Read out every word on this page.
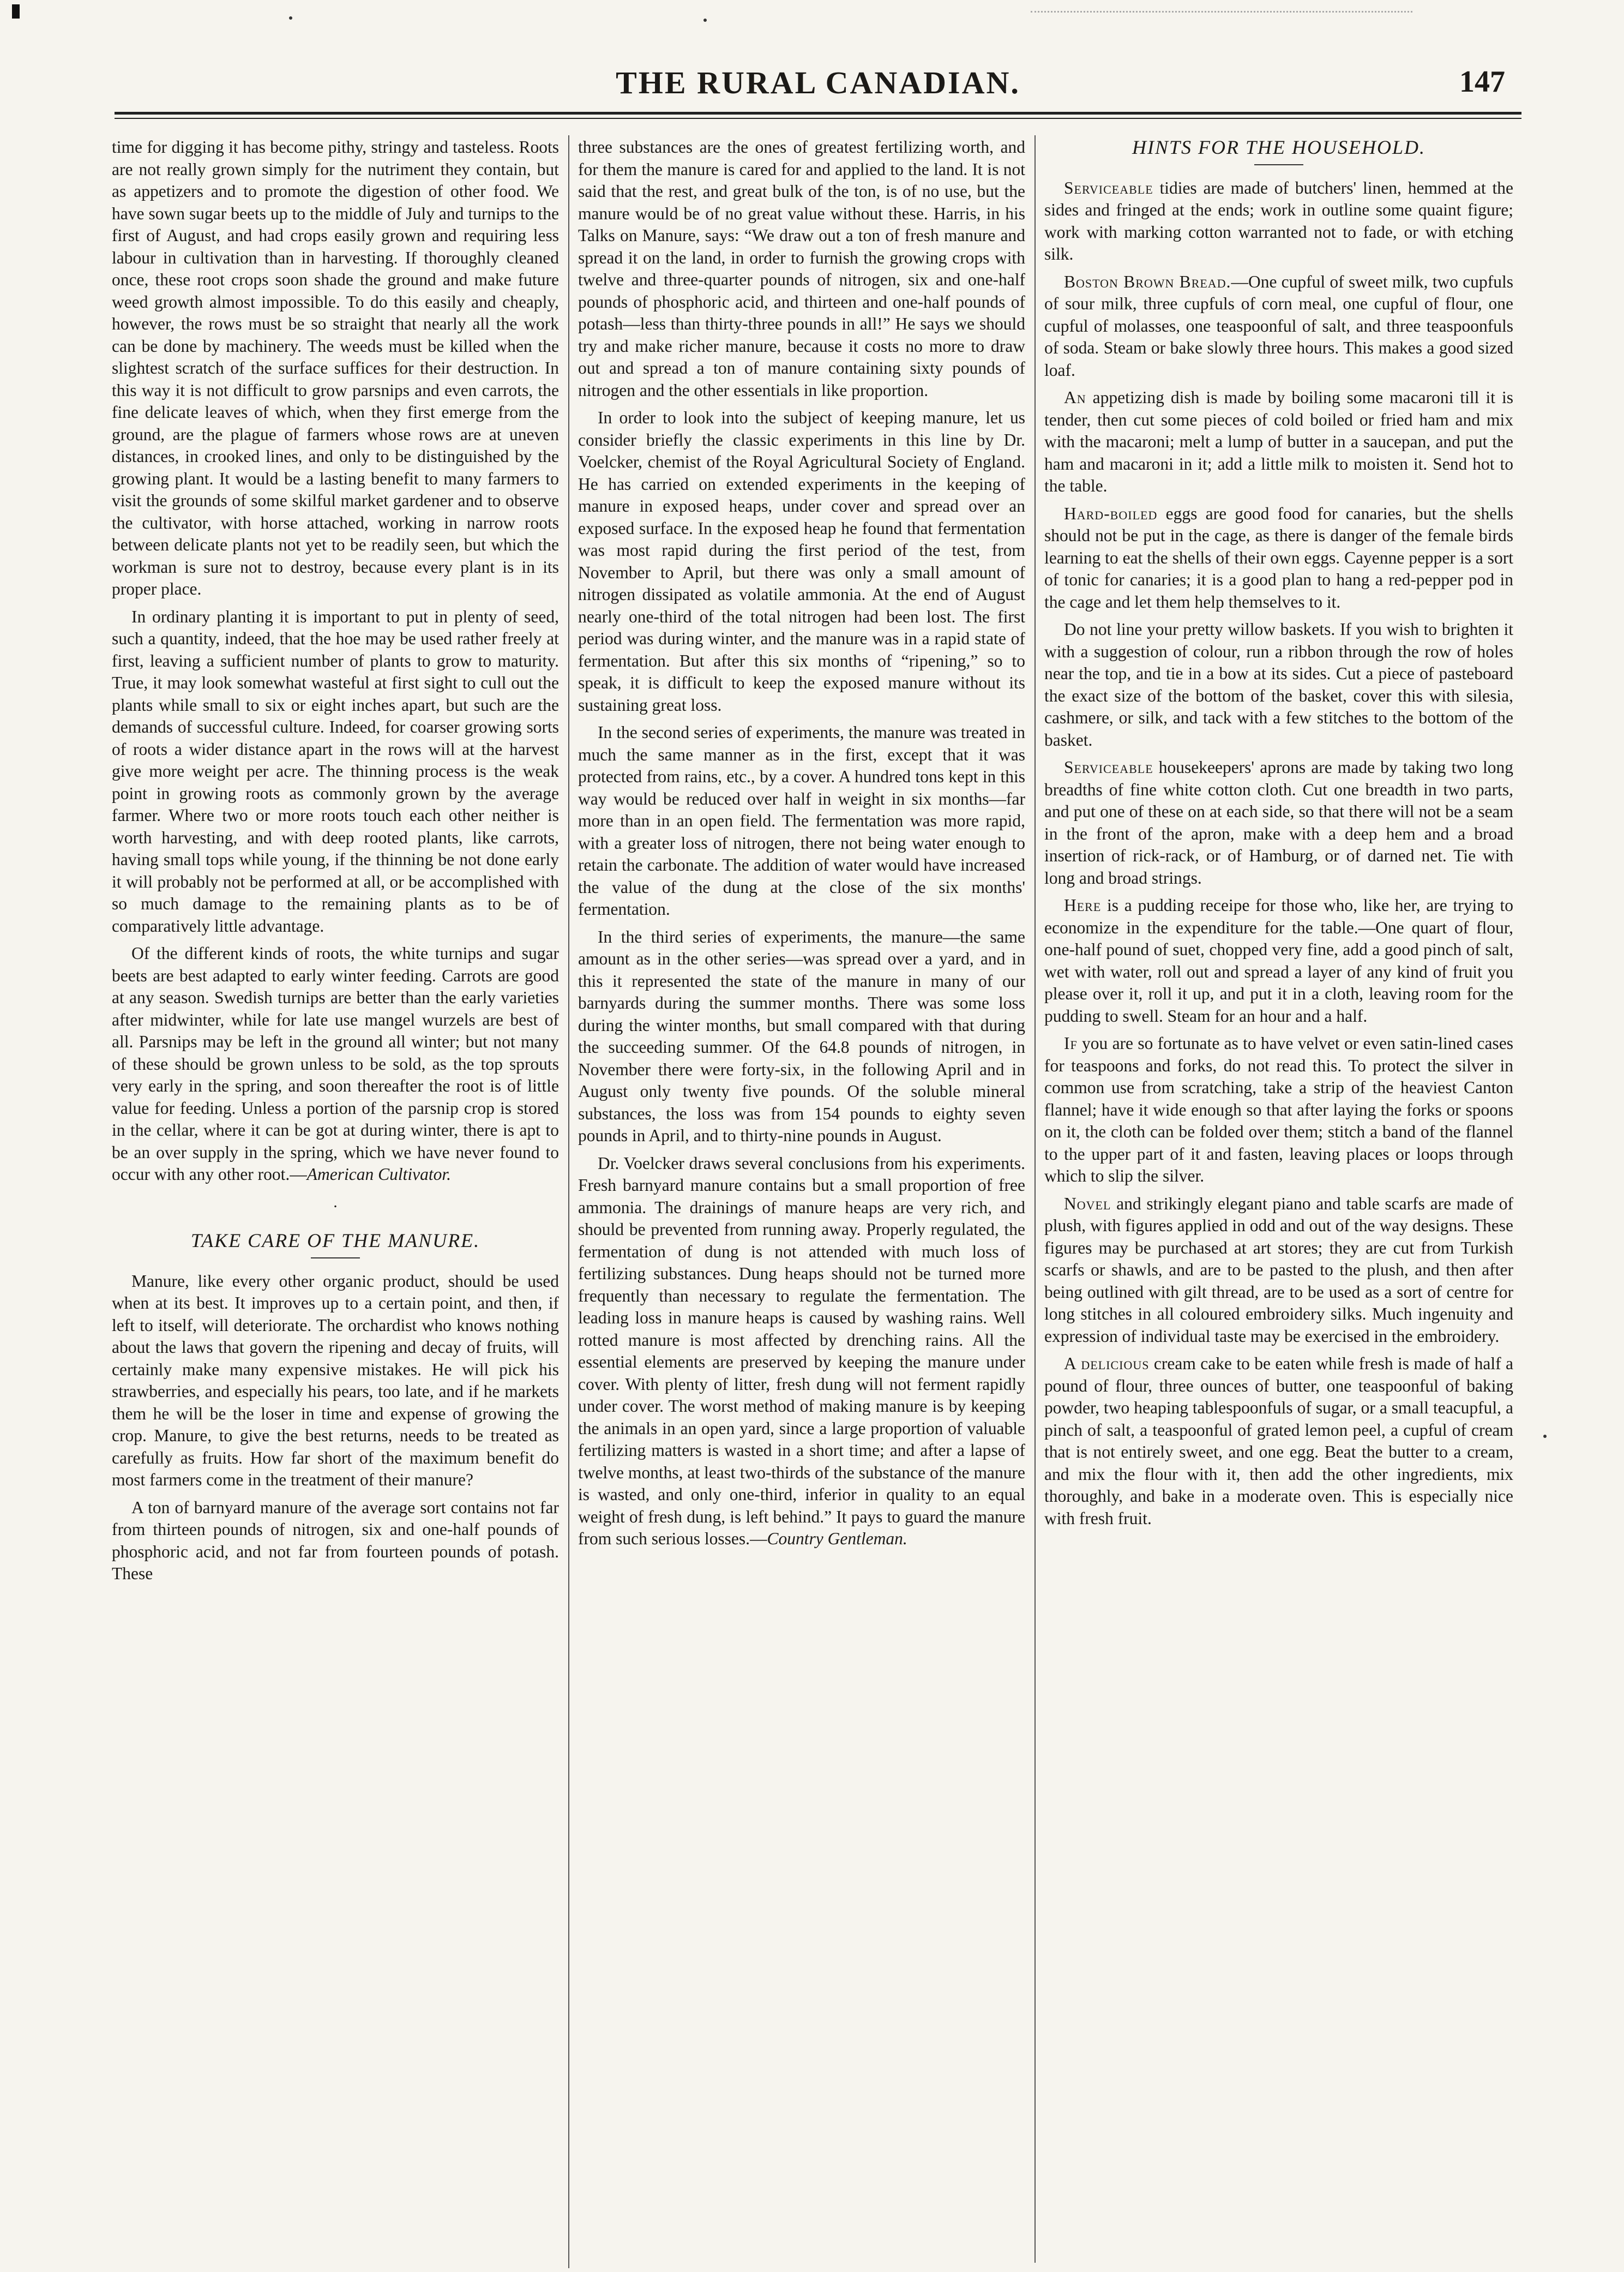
THE RURAL CANADIAN.	147

time for digging it has become pithy, stringy and tasteless. Roots are not really grown simply for the nutriment they contain, but as appetizers and to promote the digestion of other food. We have sown sugar beets up to the middle of July and turnips to the first of August, and had crops easily grown and requiring less labour in cultivation than in harvesting. If thoroughly cleaned once, these root crops soon shade the ground and make future weed growth almost impossible. To do this easily and cheaply, however, the rows must be so straight that nearly all the work can be done by machinery. The weeds must be killed when the slightest scratch of the surface suffices for their destruction. In this way it is not difficult to grow parsnips and even carrots, the fine delicate leaves of which, when they first emerge from the ground, are the plague of farmers whose rows are at uneven distances, in crooked lines, and only to be distinguished by the growing plant. It would be a lasting benefit to many farmers to visit the grounds of some skilful market gardener and to observe the cultivator, with horse attached, working in narrow roots between delicate plants not yet to be readily seen, but which the workman is sure not to destroy, because every plant is in its proper place.

In ordinary planting it is important to put in plenty of seed, such a quantity, indeed, that the hoe may be used rather freely at first, leaving a sufficient number of plants to grow to maturity. True, it may look somewhat wasteful at first sight to cull out the plants while small to six or eight inches apart, but such are the demands of successful culture. Indeed, for coarser growing sorts of roots a wider distance apart in the rows will at the harvest give more weight per acre. The thinning process is the weak point in growing roots as commonly grown by the average farmer. Where two or more roots touch each other neither is worth harvesting, and with deep rooted plants, like carrots, having small tops while young, if the thinning be not done early it will probably not be performed at all, or be accomplished with so much damage to the remaining plants as to be of comparatively little advantage.

Of the different kinds of roots, the white turnips and sugar beets are best adapted to early winter feeding. Carrots are good at any season. Swedish turnips are better than the early varieties after midwinter, while for late use mangel wurzels are best of all. Parsnips may be left in the ground all winter; but not many of these should be grown unless to be sold, as the top sprouts very early in the spring, and soon thereafter the root is of little value for feeding. Unless a portion of the parsnip crop is stored in the cellar, where it can be got at during winter, there is apt to be an over supply in the spring, which we have never found to occur with any other root.—American Cultivator.

.
TAKE CARE OF THE MANURE.

Manure, like every other organic product, should be used when at its best. It improves up to a certain point, and then, if left to itself, will deteriorate. The orchardist who knows nothing about the laws that govern the ripening and decay of fruits, will certainly make many expensive mistakes. He will pick his strawberries, and especially his pears, too late, and if he markets them he will be the loser in time and expense of growing the crop. Manure, to give the best returns, needs to be treated as carefully as fruits. How far short of the maximum benefit do most farmers come in the treatment of their manure?

A ton of barnyard manure of the average sort contains not far from thirteen pounds of nitrogen, six and one-half pounds of phosphoric acid, and not far from fourteen pounds of potash. These

three substances are the ones of greatest fertilizing worth, and for them the manure is cared for and applied to the land. It is not said that the rest, and great bulk of the ton, is of no use, but the manure would be of no great value without these. Harris, in his Talks on Manure, says: “We draw out a ton of fresh manure and spread it on the land, in order to furnish the growing crops with twelve and three-quarter pounds of nitrogen, six and one-half pounds of phosphoric acid, and thirteen and one-half pounds of potash—less than thirty-three pounds in all!” He says we should try and make richer manure, because it costs no more to draw out and spread a ton of manure containing sixty pounds of nitrogen and the other essentials in like proportion.

In order to look into the subject of keeping manure, let us consider briefly the classic experiments in this line by Dr. Voelcker, chemist of the Royal Agricultural Society of England. He has carried on extended experiments in the keeping of manure in exposed heaps, under cover and spread over an exposed surface. In the exposed heap he found that fermentation was most rapid during the first period of the test, from November to April, but there was only a small amount of nitrogen dissipated as volatile ammonia. At the end of August nearly one-third of the total nitrogen had been lost. The first period was during winter, and the manure was in a rapid state of fermentation. But after this six months of “ripening,” so to speak, it is difficult to keep the exposed manure without its sustaining great loss.

In the second series of experiments, the manure was treated in much the same manner as in the first, except that it was protected from rains, etc., by a cover. A hundred tons kept in this way would be reduced over half in weight in six months—far more than in an open field. The fermentation was more rapid, with a greater loss of nitrogen, there not being water enough to retain the carbonate. The addition of water would have increased the value of the dung at the close of the six months' fermentation.

In the third series of experiments, the manure—the same amount as in the other series—was spread over a yard, and in this it represented the state of the manure in many of our barnyards during the summer months. There was some loss during the winter months, but small compared with that during the succeeding summer. Of the 64.8 pounds of nitrogen, in November there were forty-six, in the following April and in August only twenty five pounds. Of the soluble mineral substances, the loss was from 154 pounds to eighty seven pounds in April, and to thirty-nine pounds in August.

Dr. Voelcker draws several conclusions from his experiments. Fresh barnyard manure contains but a small proportion of free ammonia. The drainings of manure heaps are very rich, and should be prevented from running away. Properly regulated, the fermentation of dung is not attended with much loss of fertilizing substances. Dung heaps should not be turned more frequently than necessary to regulate the fermentation. The leading loss in manure heaps is caused by washing rains. Well rotted manure is most affected by drenching rains. All the essential elements are preserved by keeping the manure under cover. With plenty of litter, fresh dung will not ferment rapidly under cover. The worst method of making manure is by keeping the animals in an open yard, since a large proportion of valuable fertilizing matters is wasted in a short time; and after a lapse of twelve months, at least two-thirds of the substance of the manure is wasted, and only one-third, inferior in quality to an equal weight of fresh dung, is left behind.” It pays to guard the manure from such serious losses.—Country Gentleman.

HINTS FOR THE HOUSEHOLD.

Serviceable tidies are made of butchers' linen, hemmed at the sides and fringed at the ends; work in outline some quaint figure; work with marking cotton warranted not to fade, or with etching silk.

Boston Brown Bread.—One cupful of sweet milk, two cupfuls of sour milk, three cupfuls of corn meal, one cupful of flour, one cupful of molasses, one teaspoonful of salt, and three teaspoonfuls of soda. Steam or bake slowly three hours. This makes a good sized loaf.

An appetizing dish is made by boiling some macaroni till it is tender, then cut some pieces of cold boiled or fried ham and mix with the macaroni; melt a lump of butter in a saucepan, and put the ham and macaroni in it; add a little milk to moisten it. Send hot to the table.

Hard-boiled eggs are good food for canaries, but the shells should not be put in the cage, as there is danger of the female birds learning to eat the shells of their own eggs. Cayenne pepper is a sort of tonic for canaries; it is a good plan to hang a red-pepper pod in the cage and let them help themselves to it.

Do not line your pretty willow baskets. If you wish to brighten it with a suggestion of colour, run a ribbon through the row of holes near the top, and tie in a bow at its sides. Cut a piece of pasteboard the exact size of the bottom of the basket, cover this with silesia, cashmere, or silk, and tack with a few stitches to the bottom of the basket.

Serviceable housekeepers' aprons are made by taking two long breadths of fine white cotton cloth. Cut one breadth in two parts, and put one of these on at each side, so that there will not be a seam in the front of the apron, make with a deep hem and a broad insertion of rick-rack, or of Hamburg, or of darned net. Tie with long and broad strings.

Here is a pudding receipe for those who, like her, are trying to economize in the expenditure for the table.—One quart of flour, one-half pound of suet, chopped very fine, add a good pinch of salt, wet with water, roll out and spread a layer of any kind of fruit you please over it, roll it up, and put it in a cloth, leaving room for the pudding to swell. Steam for an hour and a half.

If you are so fortunate as to have velvet or even satin-lined cases for teaspoons and forks, do not read this. To protect the silver in common use from scratching, take a strip of the heaviest Canton flannel; have it wide enough so that after laying the forks or spoons on it, the cloth can be folded over them; stitch a band of the flannel to the upper part of it and fasten, leaving places or loops through which to slip the silver.

Novel and strikingly elegant piano and table scarfs are made of plush, with figures applied in odd and out of the way designs. These figures may be purchased at art stores; they are cut from Turkish scarfs or shawls, and are to be pasted to the plush, and then after being outlined with gilt thread, are to be used as a sort of centre for long stitches in all coloured embroidery silks. Much ingenuity and expression of individual taste may be exercised in the embroidery.

A delicious cream cake to be eaten while fresh is made of half a pound of flour, three ounces of butter, one teaspoonful of baking powder, two heaping tablespoonfuls of sugar, or a small teacupful, a pinch of salt, a teaspoonful of grated lemon peel, a cupful of cream that is not entirely sweet, and one egg. Beat the butter to a cream, and mix the flour with it, then add the other ingredients, mix thoroughly, and bake in a moderate oven. This is especially nice with fresh fruit.
